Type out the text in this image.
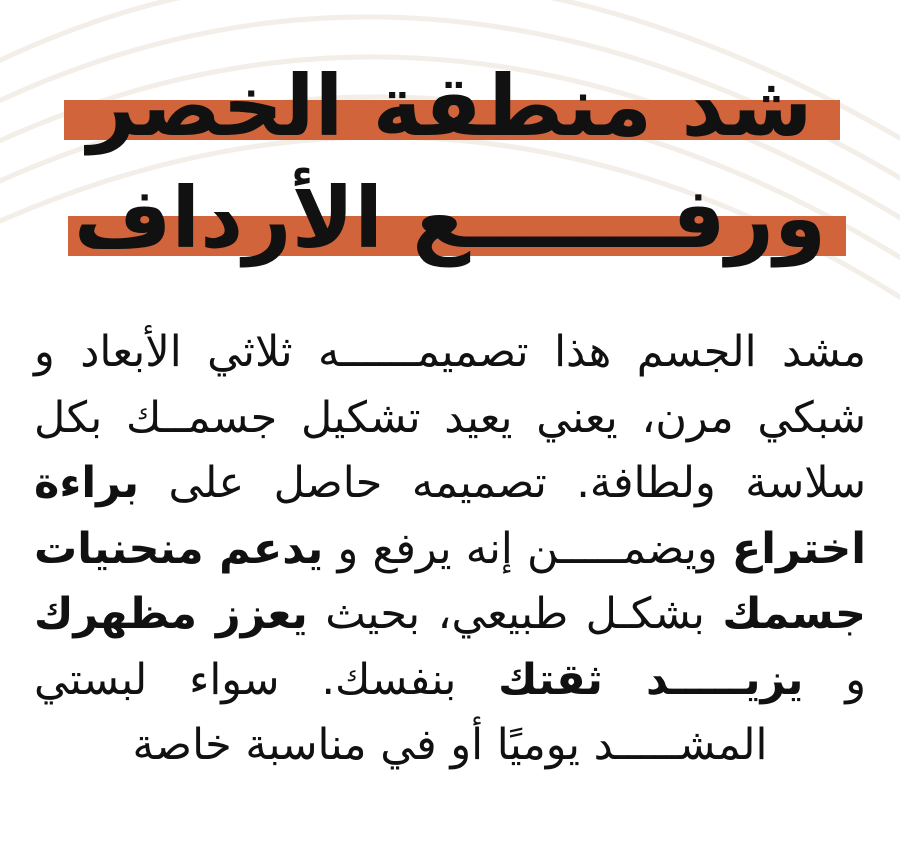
شد منطقة الخصر
ورفـــــــع الأرداف
مشد الجسم هذا تصميمــــــه ثلاثي الأبعاد و شبكي مرن، يعني يعيد تشكيل جسمــك بكل سلاسة ولطافة. تصميمه حاصل على براءة اختراع ويضمـــــن إنه يرفع و يدعم منحنيات جسمك بشكـل طبيعي، بحيث يعزز مظهرك و يزيـــــد ثقتك بنفسك. سواء لبستي المشـــــد يوميًا أو في مناسبة خاصة
